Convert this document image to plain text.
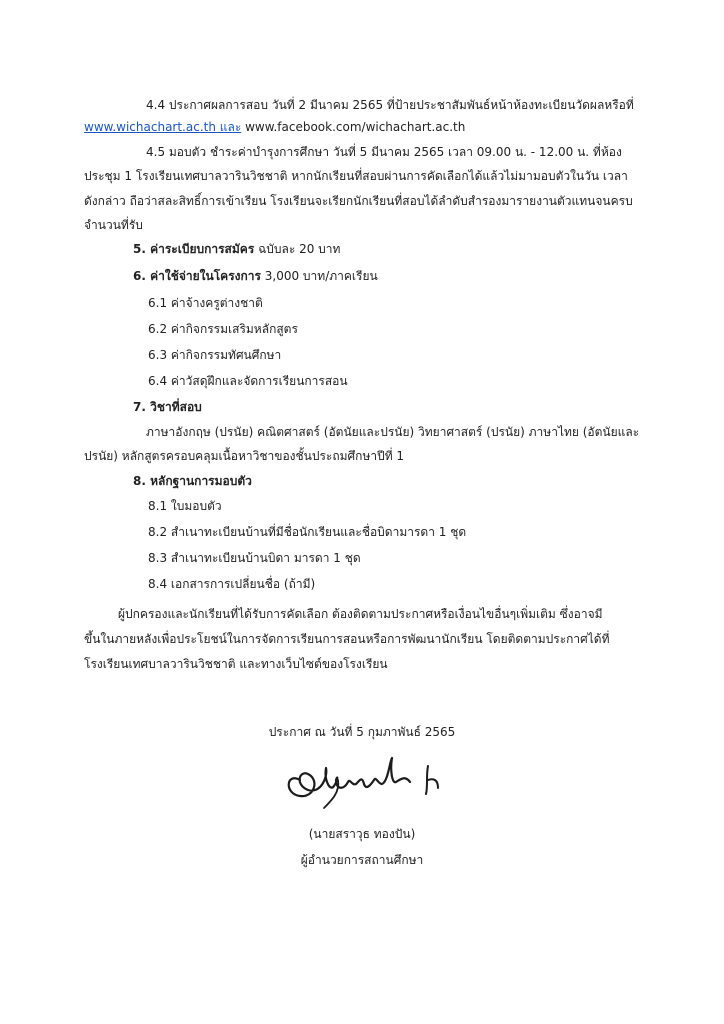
4.4 ประกาศผลการสอบ วันที่ 2 มีนาคม 2565 ที่ป้ายประชาสัมพันธ์หน้าห้องทะเบียนวัดผลหรือที่
www.wichachart.ac.th และ www.facebook.com/wichachart.ac.th
4.5 มอบตัว ชำระค่าบำรุงการศึกษา วันที่ 5 มีนาคม 2565 เวลา 09.00 น. - 12.00 น. ที่ห้อง
ประชุม 1 โรงเรียนเทศบาลวารินวิชชาติ หากนักเรียนที่สอบผ่านการคัดเลือกได้แล้วไม่มามอบตัวในวัน เวลา
ดังกล่าว ถือว่าสละสิทธิ์การเข้าเรียน โรงเรียนจะเรียกนักเรียนที่สอบได้ลำดับสำรองมารายงานตัวแทนจนครบ
จำนวนที่รับ
5. ค่าระเบียบการสมัคร ฉบับละ 20 บาท
6. ค่าใช้จ่ายในโครงการ 3,000 บาท/ภาคเรียน
6.1 ค่าจ้างครูต่างชาติ
6.2 ค่ากิจกรรมเสริมหลักสูตร
6.3 ค่ากิจกรรมทัศนศึกษา
6.4 ค่าวัสดุฝึกและจัดการเรียนการสอน
7. วิชาที่สอบ
ภาษาอังกฤษ (ปรนัย) คณิตศาสตร์ (อัตนัยและปรนัย) วิทยาศาสตร์ (ปรนัย) ภาษาไทย (อัตนัยและ
ปรนัย) หลักสูตรครอบคลุมเนื้อหาวิชาของชั้นประถมศึกษาปีที่ 1
8. หลักฐานการมอบตัว
8.1 ใบมอบตัว
8.2 สำเนาทะเบียนบ้านที่มีชื่อนักเรียนและชื่อบิดามารดา 1 ชุด
8.3 สำเนาทะเบียนบ้านบิดา มารดา 1 ชุด
8.4 เอกสารการเปลี่ยนชื่อ (ถ้ามี)
ผู้ปกครองและนักเรียนที่ได้รับการคัดเลือก ต้องติดตามประกาศหรือเงื่อนไขอื่นๆเพิ่มเติม ซึ่งอาจมี
ขึ้นในภายหลังเพื่อประโยชน์ในการจัดการเรียนการสอนหรือการพัฒนานักเรียน โดยติดตามประกาศได้ที่
โรงเรียนเทศบาลวารินวิชชาติ และทางเว็บไซต์ของโรงเรียน
ประกาศ ณ วันที่ 5 กุมภาพันธ์ 2565
(นายสราวุธ ทองปัน)
ผู้อำนวยการสถานศึกษา
